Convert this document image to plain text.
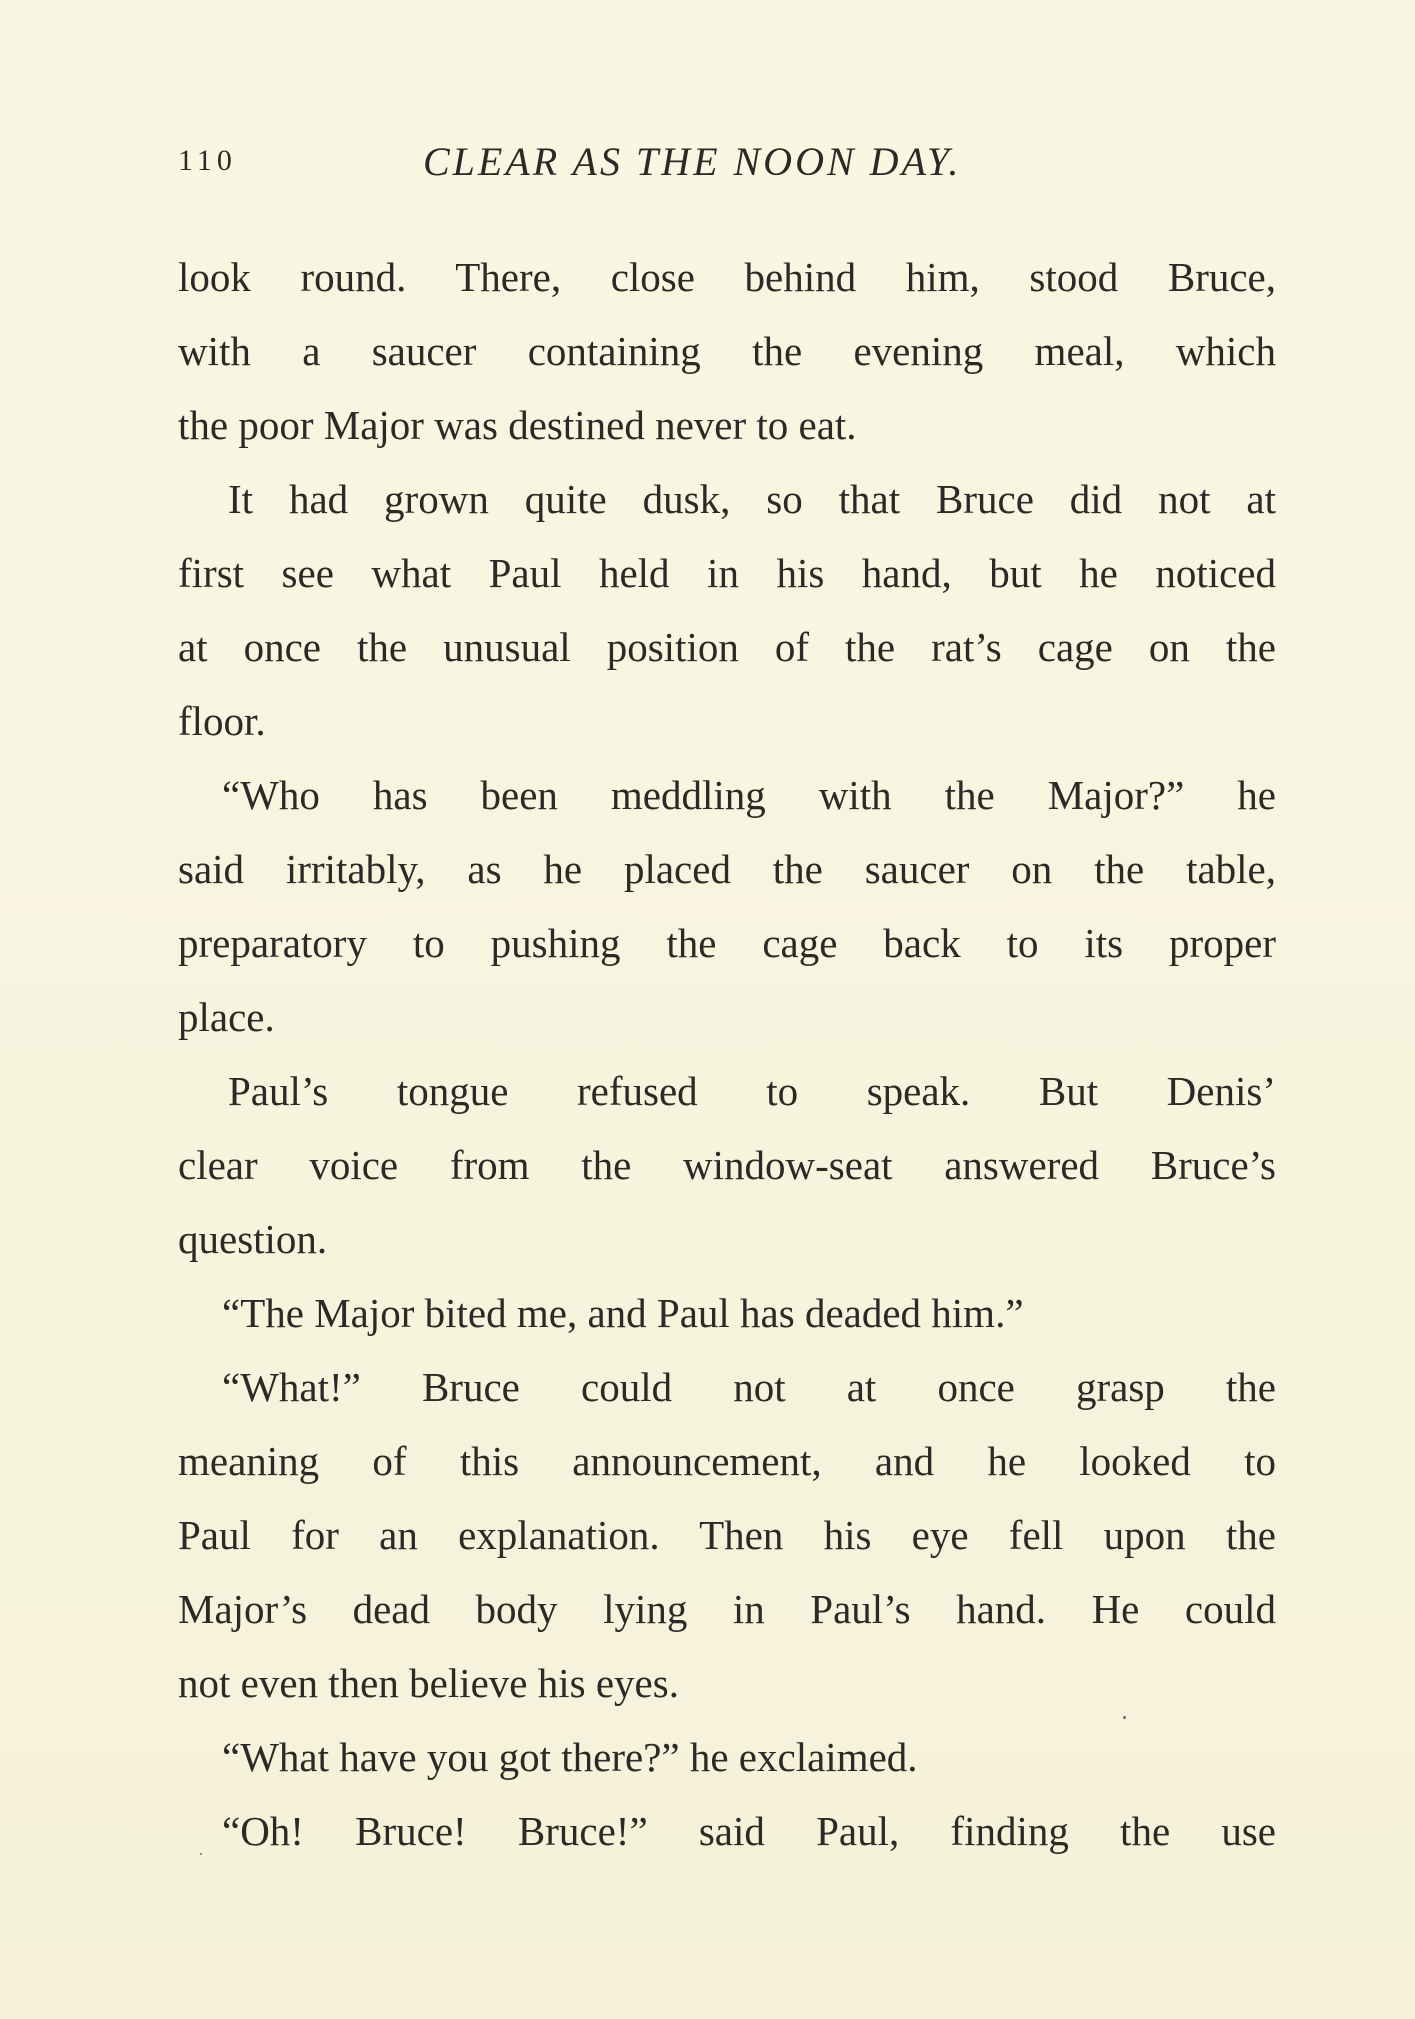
110	CLEAR AS THE NOON DAY.
look round. There, close behind him, stood Bruce,
with a saucer containing the evening meal, which
the poor Major was destined never to eat.
It had grown quite dusk, so that Bruce did not at
first see what Paul held in his hand, but he noticed
at once the unusual position of the rat’s cage on the
floor.
“Who has been meddling with the Major?” he
said irritably, as he placed the saucer on the table,
preparatory to pushing the cage back to its proper
place.
Paul’s tongue refused to speak. But Denis’
clear voice from the window-seat answered Bruce’s
question.
“The Major bited me, and Paul has deaded him.”
“What!” Bruce could not at once grasp the
meaning of this announcement, and he looked to
Paul for an explanation. Then his eye fell upon the
Major’s dead body lying in Paul’s hand. He could
not even then believe his eyes.
“What have you got there?” he exclaimed.
“Oh! Bruce! Bruce!” said Paul, finding the use
